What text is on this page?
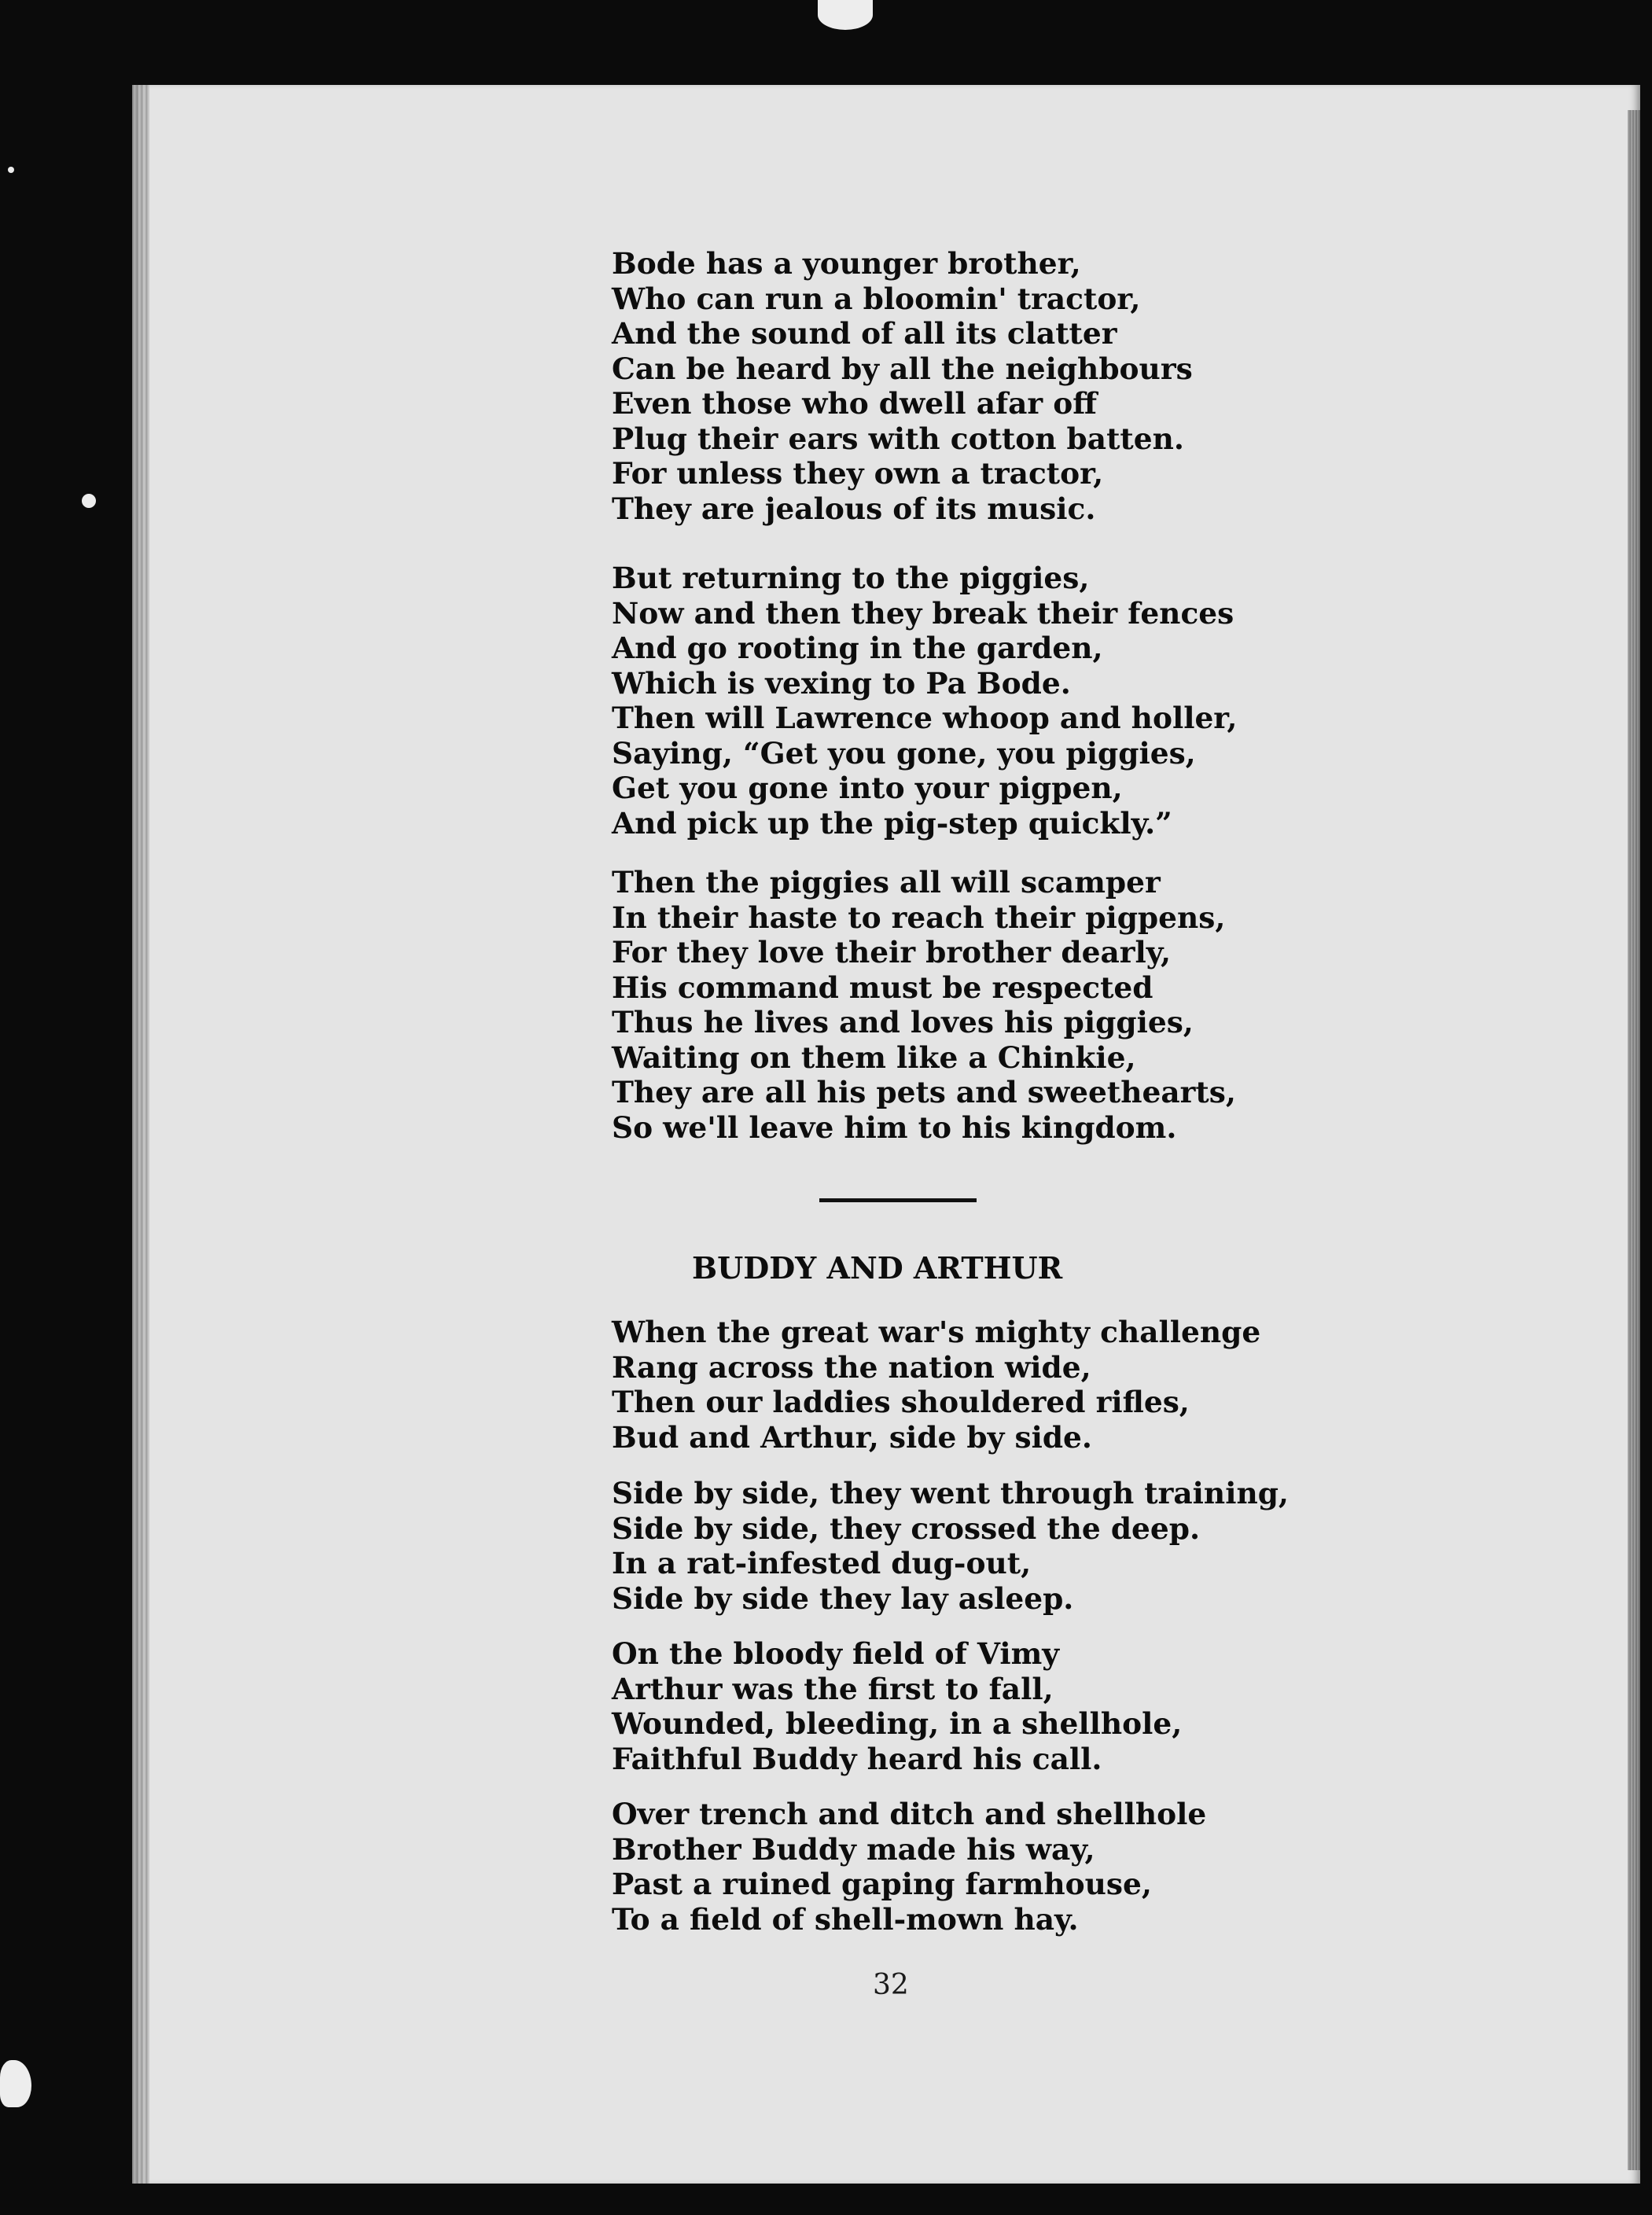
Bode has a younger brother,
Who can run a bloomin' tractor,
And the sound of all its clatter
Can be heard by all the neighbours
Even those who dwell afar off
Plug their ears with cotton batten.
For unless they own a tractor,
They are jealous of its music.
But returning to the piggies,
Now and then they break their fences
And go rooting in the garden,
Which is vexing to Pa Bode.
Then will Lawrence whoop and holler,
Saying, “Get you gone, you piggies,
Get you gone into your pigpen,
And pick up the pig-step quickly.”
Then the piggies all will scamper
In their haste to reach their pigpens,
For they love their brother dearly,
His command must be respected
Thus he lives and loves his piggies,
Waiting on them like a Chinkie,
They are all his pets and sweethearts,
So we'll leave him to his kingdom.
BUDDY AND ARTHUR
When the great war's mighty challenge
Rang across the nation wide,
Then our laddies shouldered rifles,
Bud and Arthur, side by side.
Side by side, they went through training,
Side by side, they crossed the deep.
In a rat-infested dug-out,
Side by side they lay asleep.
On the bloody field of Vimy
Arthur was the first to fall,
Wounded, bleeding, in a shellhole,
Faithful Buddy heard his call.
Over trench and ditch and shellhole
Brother Buddy made his way,
Past a ruined gaping farmhouse,
To a field of shell-mown hay.
32
